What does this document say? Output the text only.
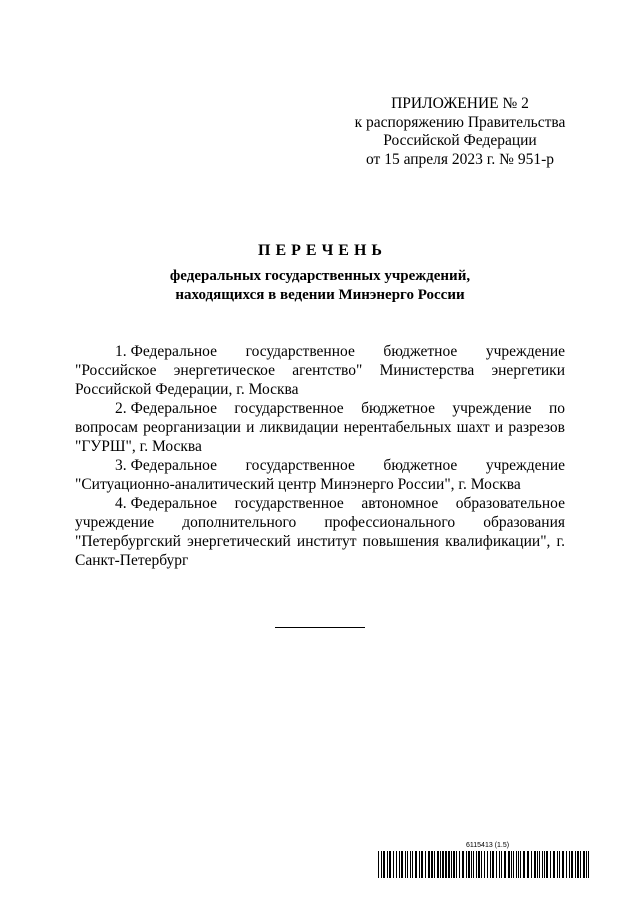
ПРИЛОЖЕНИЕ № 2
к распоряжению Правительства
Российской Федерации
от 15 апреля 2023 г. № 951-р
ПЕРЕЧЕНЬ
федеральных государственных учреждений,
находящихся в ведении Минэнерго России

1. Федеральное государственное бюджетное учреждение "Российское энергетическое агентство" Министерства энергетики Российской Федерации, г. Москва

2. Федеральное государственное бюджетное учреждение по вопросам реорганизации и ликвидации нерентабельных шахт и разрезов "ГУРШ", г. Москва

3. Федеральное государственное бюджетное учреждение "Ситуационно-аналитический центр Минэнерго России", г. Москва

4. Федеральное государственное автономное образовательное учреждение дополнительного профессионального образования "Петербургский энергетический институт повышения квалификации", г. Санкт-Петербург

6115413 (1.5)
